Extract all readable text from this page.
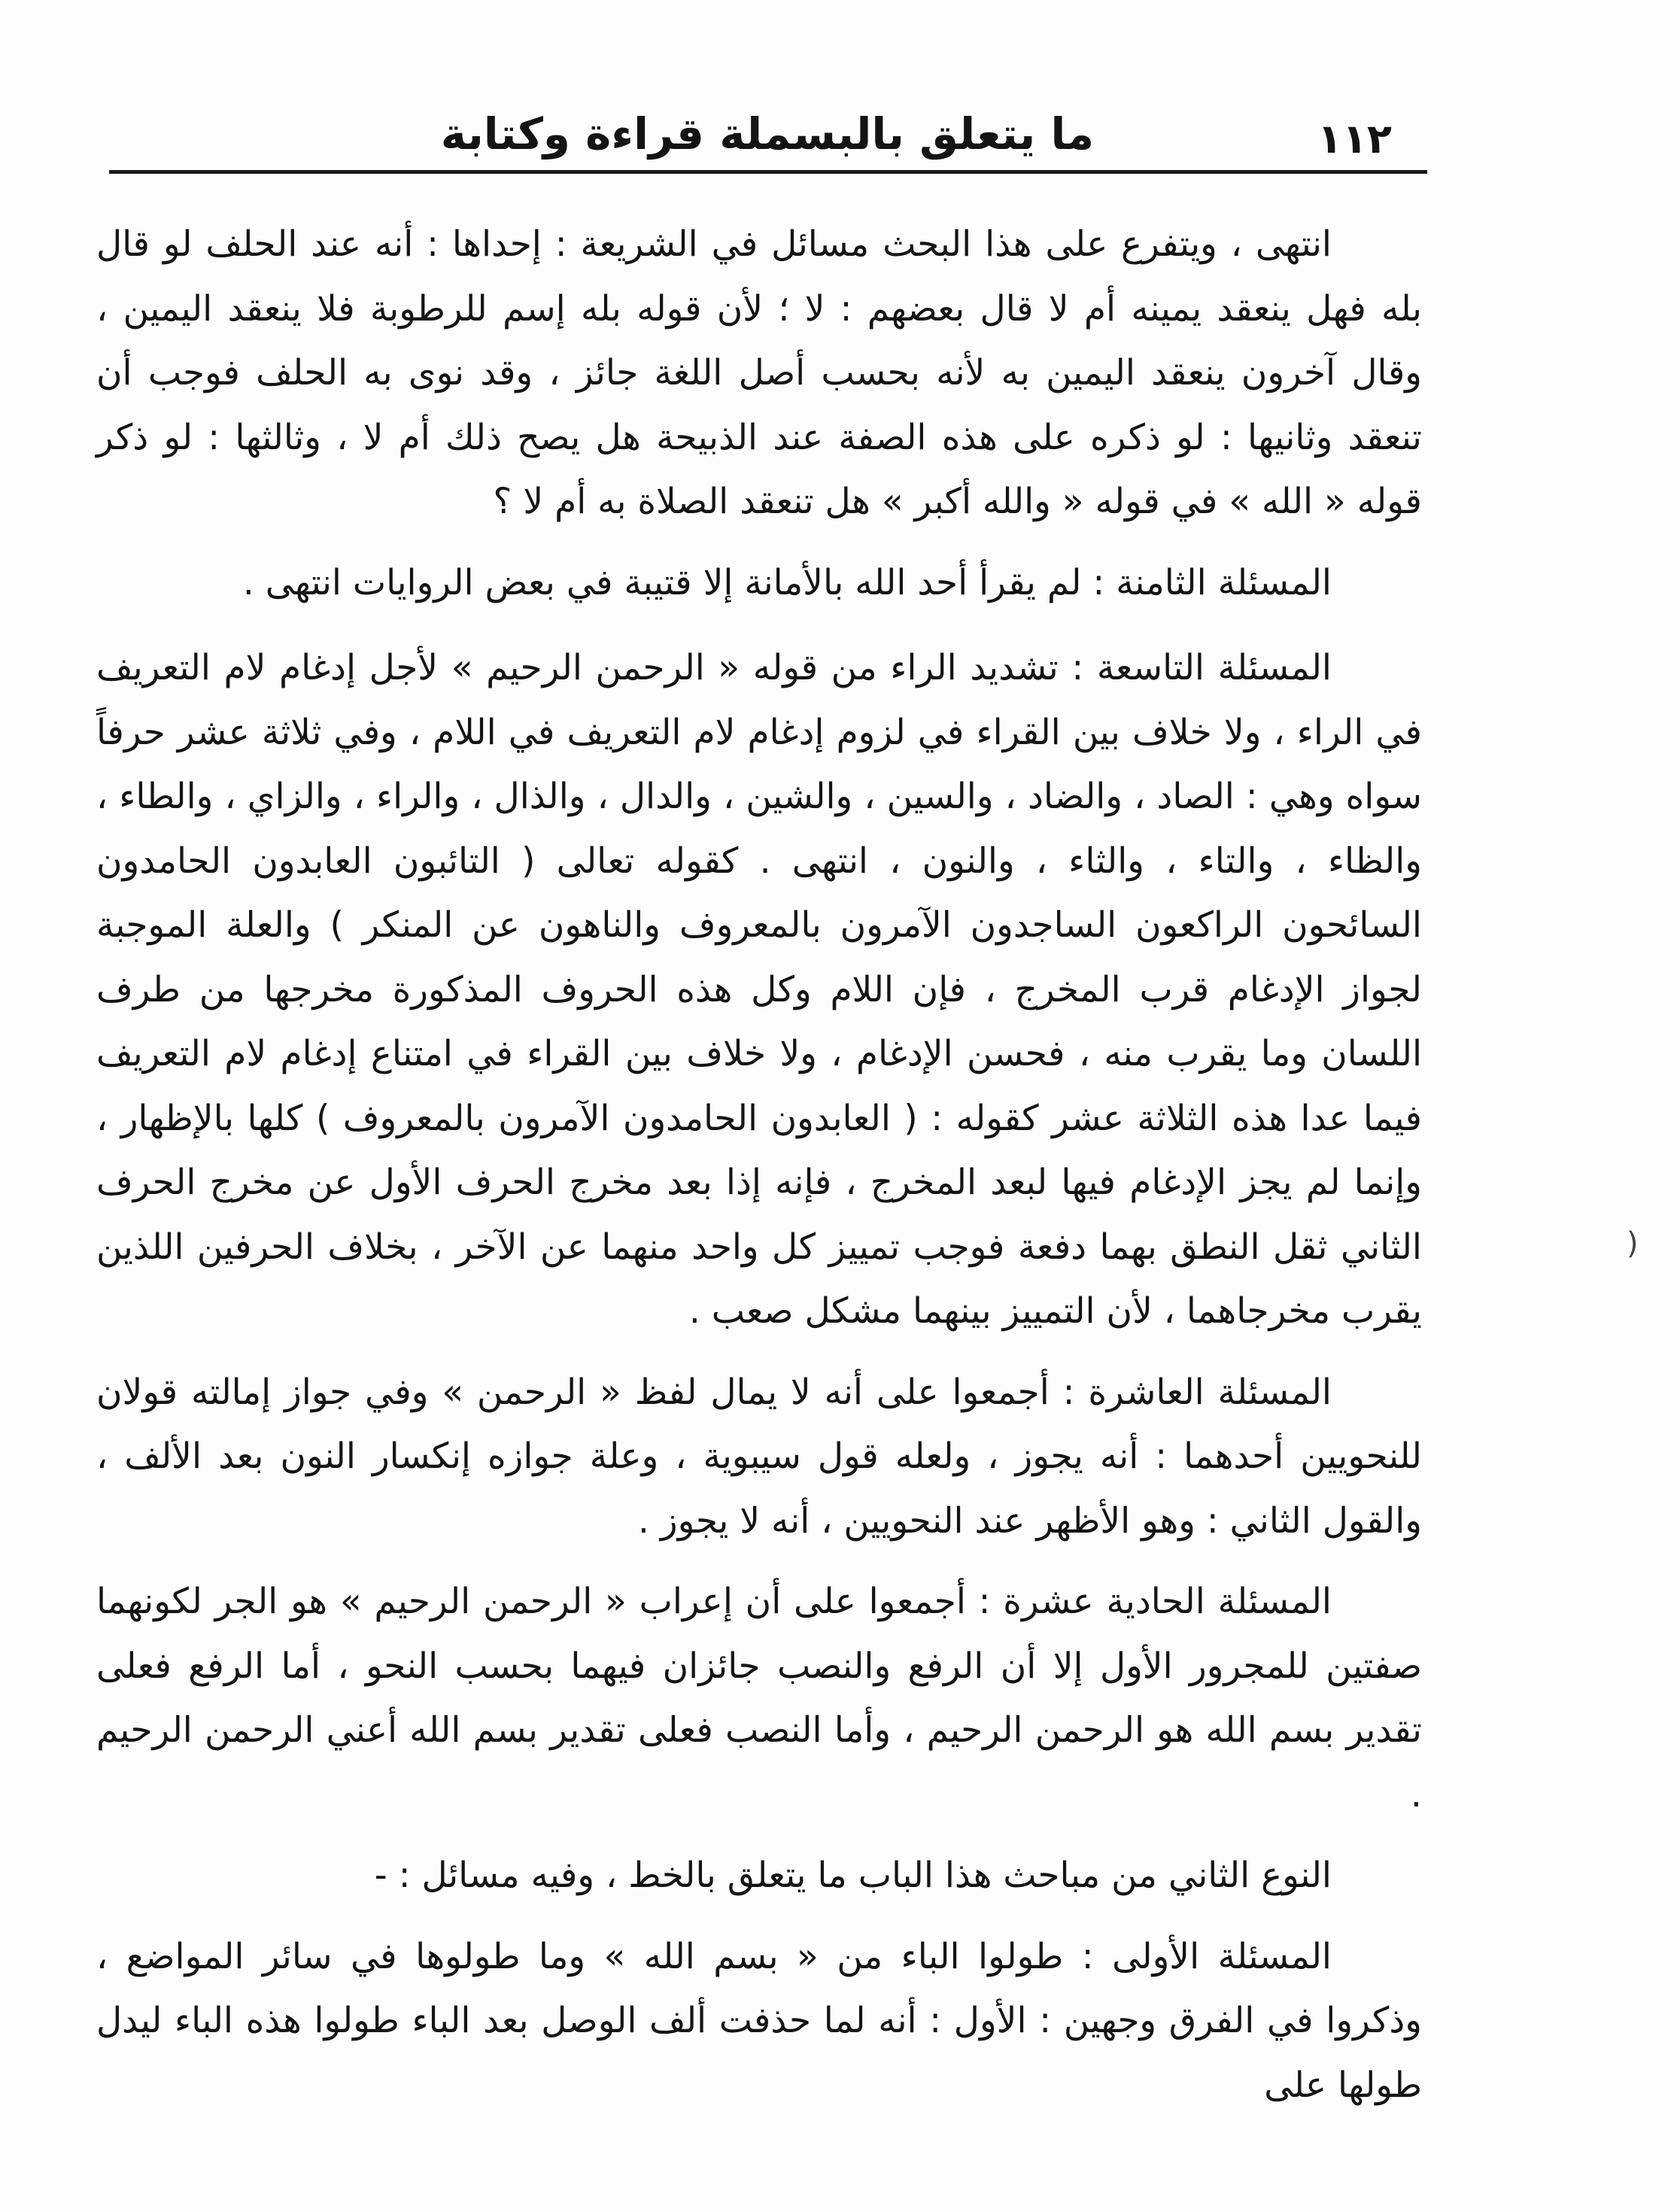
١١٢
ما يتعلق بالبسملة قراءة وكتابة

انتهى ، ويتفرع على هذا البحث مسائل في الشريعة : إحداها : أنه عند الحلف لو قال بله فهل ينعقد يمينه أم لا قال بعضهم : لا ؛ لأن قوله بله إسم للرطوبة فلا ينعقد اليمين ، وقال آخرون ينعقد اليمين به لأنه بحسب أصل اللغة جائز ، وقد نوى به الحلف فوجب أن تنعقد وثانيها : لو ذكره على هذه الصفة عند الذبيحة هل يصح ذلك أم لا ، وثالثها : لو ذكر قوله « الله » في قوله « والله أكبر » هل تنعقد الصلاة به أم لا ؟

المسئلة الثامنة : لم يقرأ أحد الله بالأمانة إلا قتيبة في بعض الروايات انتهى .

المسئلة التاسعة : تشديد الراء من قوله « الرحمن الرحيم » لأجل إدغام لام التعريف في الراء ، ولا خلاف بين القراء في لزوم إدغام لام التعريف في اللام ، وفي ثلاثة عشر حرفاً سواه وهي : الصاد ، والضاد ، والسين ، والشين ، والدال ، والذال ، والراء ، والزاي ، والطاء ، والظاء ، والتاء ، والثاء ، والنون ، انتهى . كقوله تعالى ( التائبون العابدون الحامدون السائحون الراكعون الساجدون الآمرون بالمعروف والناهون عن المنكر ) والعلة الموجبة لجواز الإدغام قرب المخرج ، فإن اللام وكل هذه الحروف المذكورة مخرجها من طرف اللسان وما يقرب منه ، فحسن الإدغام ، ولا خلاف بين القراء في امتناع إدغام لام التعريف فيما عدا هذه الثلاثة عشر كقوله : ( العابدون الحامدون الآمرون بالمعروف ) كلها بالإظهار ، وإنما لم يجز الإدغام فيها لبعد المخرج ، فإنه إذا بعد مخرج الحرف الأول عن مخرج الحرف الثاني ثقل النطق بهما دفعة فوجب تمييز كل واحد منهما عن الآخر ، بخلاف الحرفين اللذين يقرب مخرجاهما ، لأن التمييز بينهما مشكل صعب .

المسئلة العاشرة : أجمعوا على أنه لا يمال لفظ « الرحمن » وفي جواز إمالته قولان للنحويين أحدهما : أنه يجوز ، ولعله قول سيبوية ، وعلة جوازه إنكسار النون بعد الألف ، والقول الثاني : وهو الأظهر عند النحويين ، أنه لا يجوز .

المسئلة الحادية عشرة : أجمعوا على أن إعراب « الرحمن الرحيم » هو الجر لكونهما صفتين للمجرور الأول إلا أن الرفع والنصب جائزان فيهما بحسب النحو ، أما الرفع فعلى تقدير بسم الله هو الرحمن الرحيم ، وأما النصب فعلى تقدير بسم الله أعني الرحمن الرحيم .

النوع الثاني من مباحث هذا الباب ما يتعلق بالخط ، وفيه مسائل : -

المسئلة الأولى : طولوا الباء من « بسم الله » وما طولوها في سائر المواضع ، وذكروا في الفرق وجهين : الأول : أنه لما حذفت ألف الوصل بعد الباء طولوا هذه الباء ليدل طولها على

(
